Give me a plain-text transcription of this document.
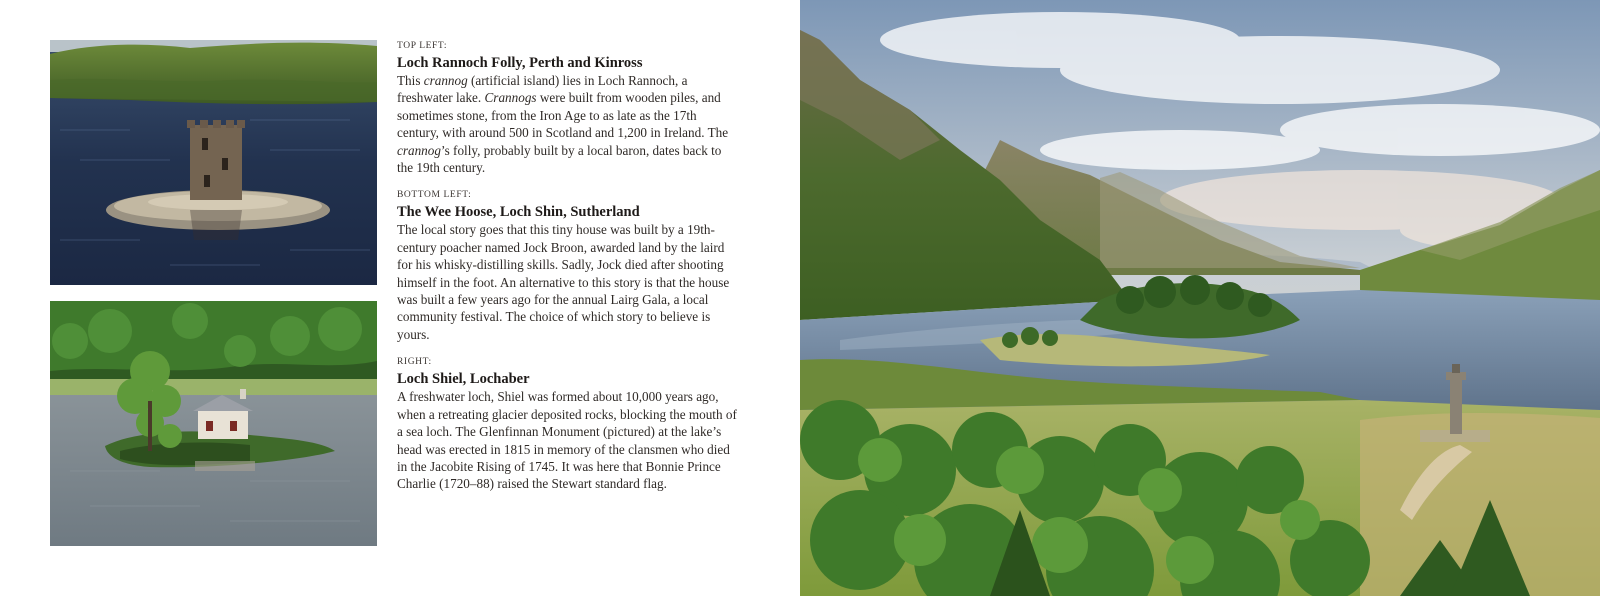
TOP LEFT:
Loch Rannoch Folly, Perth and Kinross
This crannog (artificial island) lies in Loch Rannoch, a freshwater lake. Crannogs were built from wooden piles, and sometimes stone, from the Iron Age to as late as the 17th century, with around 500 in Scotland and 1,200 in Ireland. The crannog’s folly, probably built by a local baron, dates back to the 19th century.
BOTTOM LEFT:
The Wee Hoose, Loch Shin, Sutherland
The local story goes that this tiny house was built by a 19th-century poacher named Jock Broon, awarded land by the laird for his whisky-distilling skills. Sadly, Jock died after shooting himself in the foot. An alternative to this story is that the house was built a few years ago for the annual Lairg Gala, a local community festival. The choice of which story to believe is yours.
RIGHT:
Loch Shiel, Lochaber
A freshwater loch, Shiel was formed about 10,000 years ago, when a retreating glacier deposited rocks, blocking the mouth of a sea loch. The Glenfinnan Monument (pictured) at the lake’s head was erected in 1815 in memory of the clansmen who died in the Jacobite Rising of 1745. It was here that Bonnie Prince Charlie (1720–88) raised the Stewart standard flag.
